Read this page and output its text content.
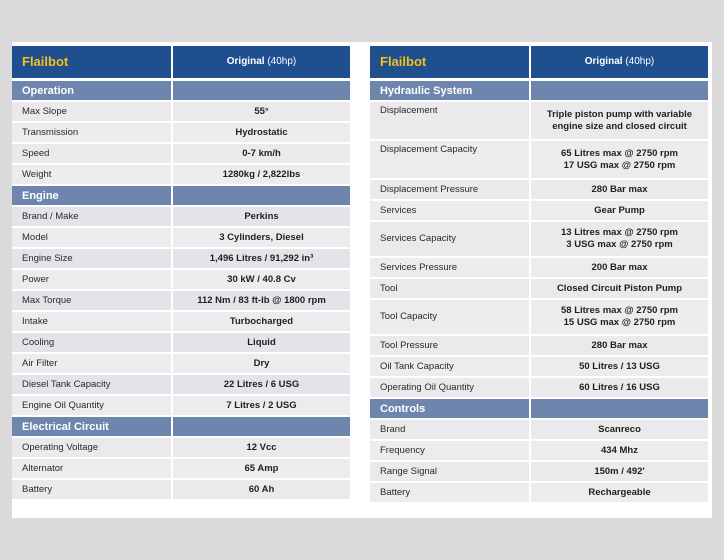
Flailbot	Original (40hp)
Operation	
Max Slope	55°

Transmission	Hydrostatic

Speed	0-7 km/h

Weight	1280kg / 2,822lbs

Engine	
Brand / Make	Perkins

Model	3 Cylinders, Diesel

Engine Size	1,496 Litres / 91,292 in³

Power	30 kW / 40.8 Cv

Max Torque	112 Nm / 83 ft-lb @ 1800 rpm

Intake	Turbocharged

Cooling	Liquid

Air Filter	Dry

Diesel Tank Capacity	22 Litres / 6 USG

Engine Oil Quantity	7 Litres / 2 USG

Electrical Circuit	
Operating Voltage	12 Vcc

Alternator	65 Amp

Battery	60 Ah
Flailbot	Original (40hp)
Hydraulic System	
Displacement	Triple piston pump with variable
engine size and closed circuit

Displacement Capacity	65 Litres max @ 2750 rpm
17 USG max @ 2750 rpm

Displacement Pressure	280 Bar max

Services	Gear Pump

Services Capacity	13 Litres max @ 2750 rpm
3 USG max @ 2750 rpm

Services Pressure	200 Bar max

Tool	Closed Circuit Piston Pump

Tool Capacity	58 Litres max @ 2750 rpm
15 USG max @ 2750 rpm

Tool Pressure	280 Bar max

Oil Tank Capacity	50 Litres / 13 USG

Operating Oil Quantity	60 Litres / 16 USG

Controls	
Brand	Scanreco

Frequency	434 Mhz

Range Signal	150m / 492'

Battery	Rechargeable
